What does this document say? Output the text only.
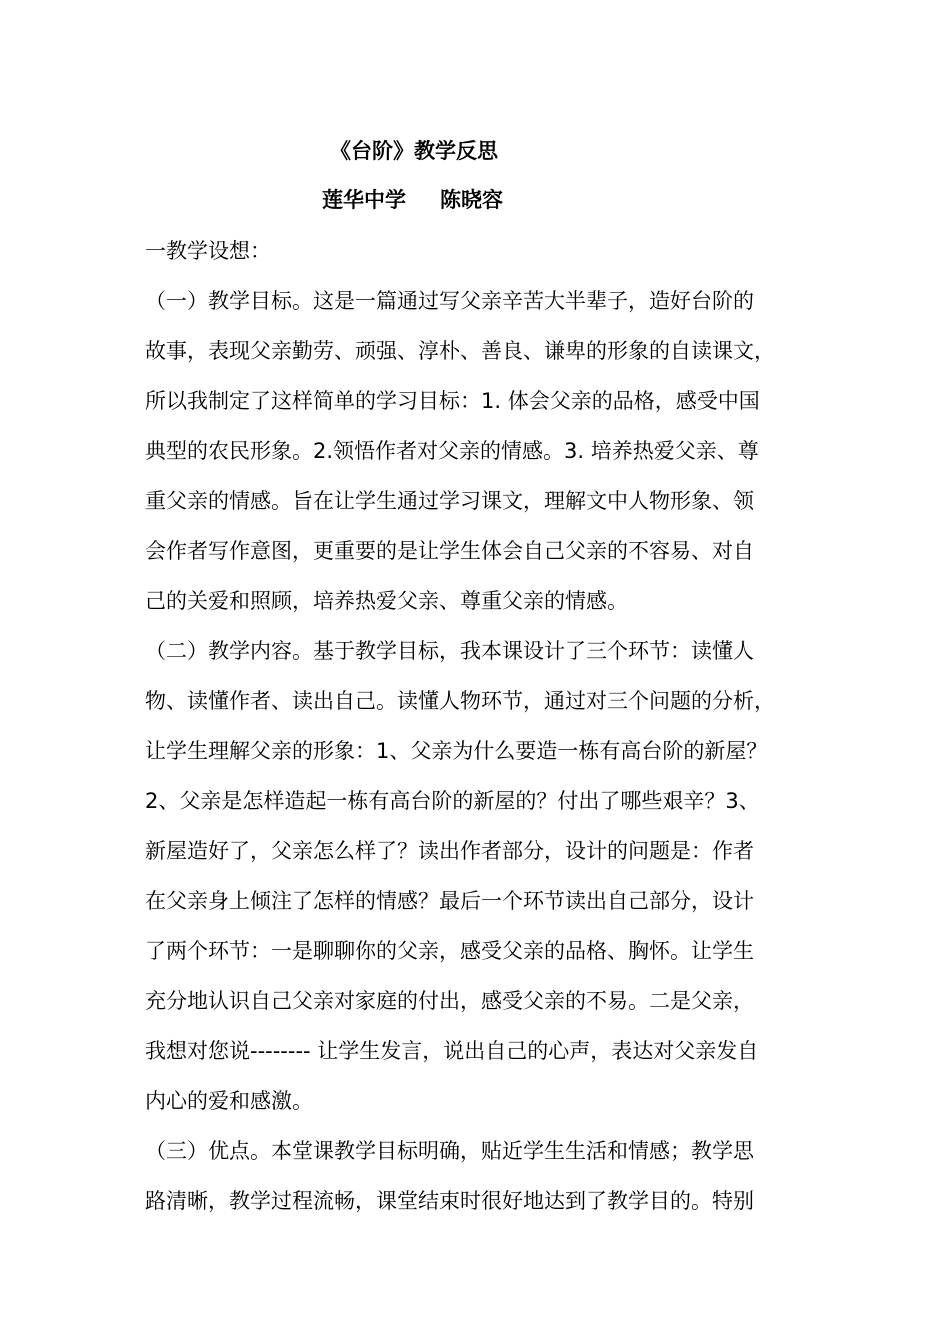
《台阶》教学反思
莲华中学 陈晓容
一教学设想：
（一）教学目标。这是一篇通过写父亲辛苦大半辈子，造好台阶的
故事，表现父亲勤劳、顽强、淳朴、善良、谦卑的形象的自读课文，
所以我制定了这样简单的学习目标：1. 体会父亲的品格，感受中国
典型的农民形象。2.领悟作者对父亲的情感。3. 培养热爱父亲、尊
重父亲的情感。旨在让学生通过学习课文，理解文中人物形象、领
会作者写作意图，更重要的是让学生体会自己父亲的不容易、对自
己的关爱和照顾，培养热爱父亲、尊重父亲的情感。
（二）教学内容。基于教学目标，我本课设计了三个环节：读懂人
物、读懂作者、读出自己。读懂人物环节，通过对三个问题的分析，
让学生理解父亲的形象：1、父亲为什么要造一栋有高台阶的新屋？
2、父亲是怎样造起一栋有高台阶的新屋的？付出了哪些艰辛？3、
新屋造好了，父亲怎么样了？读出作者部分，设计的问题是：作者
在父亲身上倾注了怎样的情感？最后一个环节读出自己部分，设计
了两个环节：一是聊聊你的父亲，感受父亲的品格、胸怀。让学生
充分地认识自己父亲对家庭的付出，感受父亲的不易。二是父亲，
我想对您说-------- 让学生发言，说出自己的心声，表达对父亲发自
内心的爱和感激。
（三）优点。本堂课教学目标明确，贴近学生生活和情感；教学思
路清晰，教学过程流畅，课堂结束时很好地达到了教学目的。特别
